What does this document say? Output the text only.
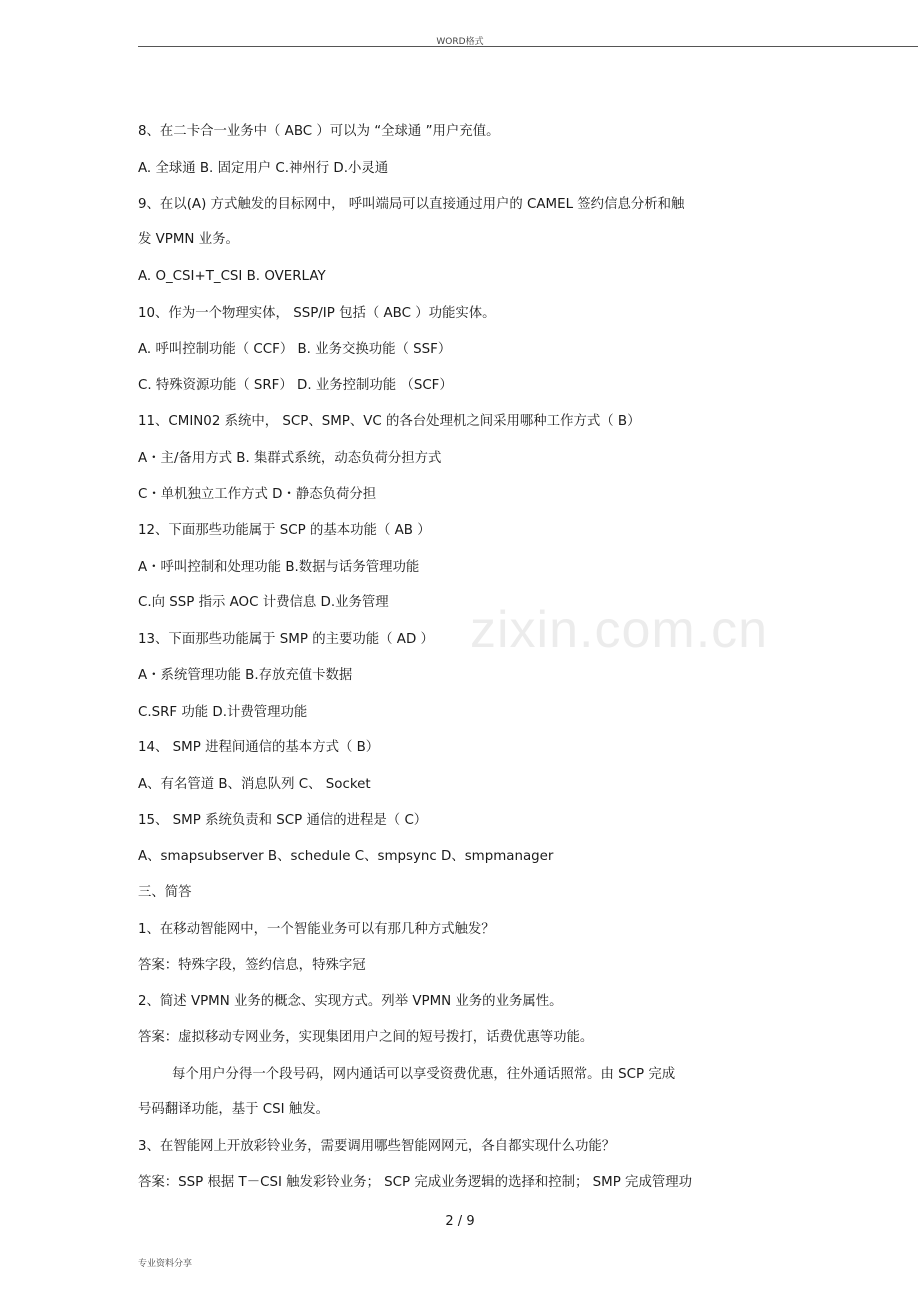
WORD格式
zixin.com.cn
8、在二卡合一业务中（ ABC ）可以为 “全球通 ”用户充值。
A. 全球通 B. 固定用户 C.神州行 D.小灵通
9、在以(A) 方式触发的目标网中， 呼叫端局可以直接通过用户的 CAMEL 签约信息分析和触
发 VPMN 业务。
A. O_CSI+T_CSI B. OVERLAY
10、作为一个物理实体， SSP/IP 包括（ ABC ）功能实体。
A. 呼叫控制功能（ CCF） B. 业务交换功能（ SSF）
C. 特殊资源功能（ SRF） D. 业务控制功能 （SCF）
11、CMIN02 系统中， SCP、SMP、VC 的各台处理机之间采用哪种工作方式（ B）
A・主/备用方式 B. 集群式系统，动态负荷分担方式
C・单机独立工作方式 D・静态负荷分担
12、下面那些功能属于 SCP 的基本功能（ AB ）
A・呼叫控制和处理功能 B.数据与话务管理功能
C.向 SSP 指示 AOC 计费信息 D.业务管理
13、下面那些功能属于 SMP 的主要功能（ AD ）
A・系统管理功能 B.存放充值卡数据
C.SRF 功能 D.计费管理功能
14、 SMP 进程间通信的基本方式（ B）
A、有名管道 B、消息队列 C、 Socket
15、 SMP 系统负责和 SCP 通信的进程是（ C）
A、smapsubserver B、schedule C、smpsync D、smpmanager
三、简答
1、在移动智能网中，一个智能业务可以有那几种方式触发？
答案：特殊字段，签约信息，特殊字冠
2、简述 VPMN 业务的概念、实现方式。列举 VPMN 业务的业务属性。
答案：虚拟移动专网业务，实现集团用户之间的短号拨打，话费优惠等功能。
每个用户分得一个段号码，网内通话可以享受资费优惠，往外通话照常。由 SCP 完成
号码翻译功能，基于 CSI 触发。
3、在智能网上开放彩铃业务，需要调用哪些智能网网元，各自都实现什么功能？
答案：SSP 根据 T－CSI 触发彩铃业务； SCP 完成业务逻辑的选择和控制； SMP 完成管理功
2 / 9
专业资料分享
